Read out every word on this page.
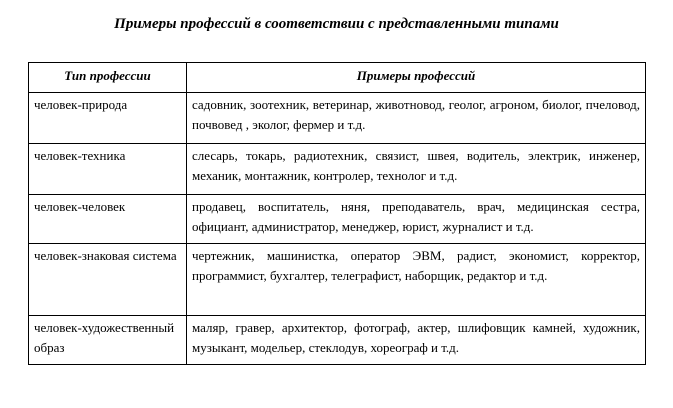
Примеры профессий в соответствии с представленными типами
Тип профессии	Примеры профессий
человек-природа	садовник, зоотехник, ветеринар, животновод, геолог, агроном, биолог, пчеловод, почвовед , эколог, фермер и т.д.
человек-техника	слесарь, токарь, радиотехник, связист, швея, водитель, электрик, инженер, механик, монтажник, контролер, технолог и т.д.
человек-человек	продавец, воспитатель, няня, преподаватель, врач, медицинская сестра, официант, администратор, менеджер, юрист, журналист и т.д.
человек-знаковая система	чертежник, машинистка, оператор ЭВМ, радист, экономист, корректор, программист, бухгалтер, телеграфист, наборщик, редактор и т.д.
человек-художественный образ	маляр, гравер, архитектор, фотограф, актер, шлифовщик камней, художник, музыкант, модельер, стеклодув, хореограф и т.д.
